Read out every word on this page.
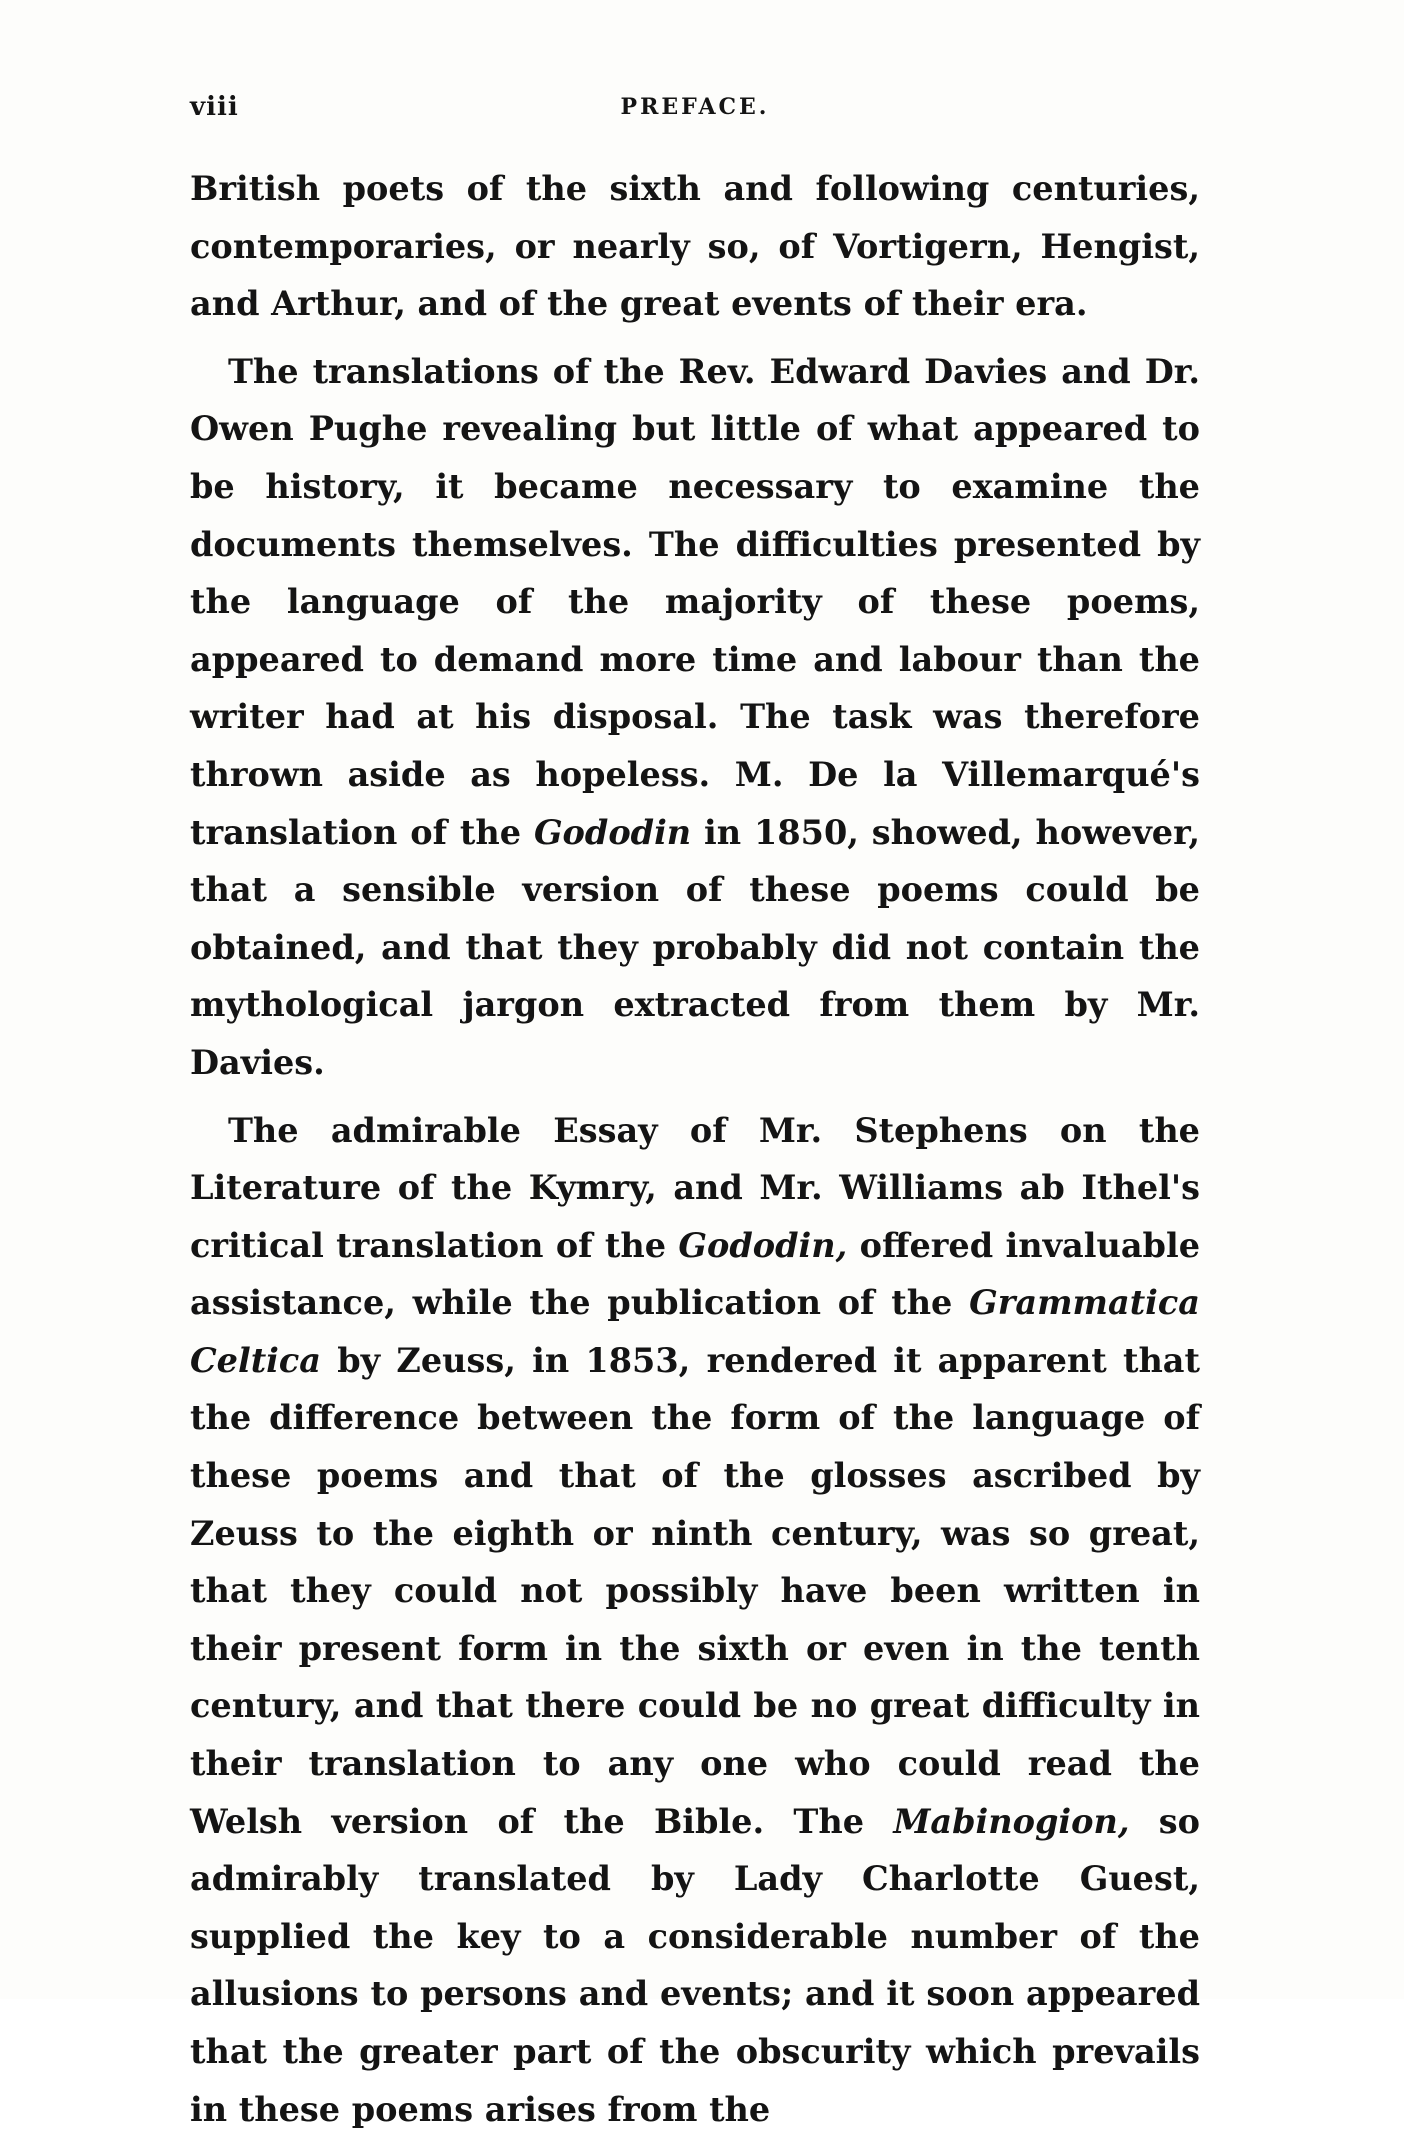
viii	PREFACE.

British poets of the sixth and following centuries, contemporaries, or nearly so, of Vortigern, Hengist, and Arthur, and of the great events of their era.

The translations of the Rev. Edward Davies and Dr. Owen Pughe revealing but little of what appeared to be history, it became necessary to examine the documents themselves. The difficulties presented by the language of the majority of these poems, appeared to demand more time and labour than the writer had at his disposal. The task was therefore thrown aside as hopeless. M. De la Villemarqué's translation of the Gododin in 1850, showed, however, that a sensible version of these poems could be obtained, and that they probably did not contain the mythological jargon extracted from them by Mr. Davies.

The admirable Essay of Mr. Stephens on the Literature of the Kymry, and Mr. Williams ab Ithel's critical translation of the Gododin, offered invaluable assistance, while the publication of the Grammatica Celtica by Zeuss, in 1853, rendered it apparent that the difference between the form of the language of these poems and that of the glosses ascribed by Zeuss to the eighth or ninth century, was so great, that they could not possibly have been written in their present form in the sixth or even in the tenth century, and that there could be no great difficulty in their translation to any one who could read the Welsh version of the Bible. The Mabinogion, so admirably translated by Lady Charlotte Guest, supplied the key to a considerable number of the allusions to persons and events; and it soon appeared that the greater part of the obscurity which prevails in these poems arises from the
